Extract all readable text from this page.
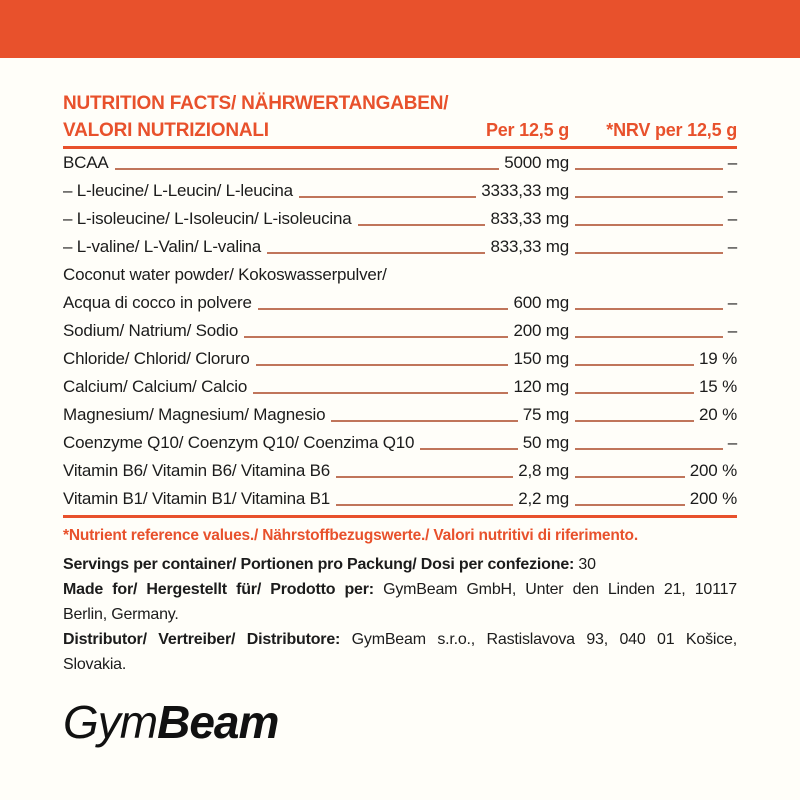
NUTRITION FACTS/ NÄHRWERTANGABEN/
VALORI NUTRIZIONALI	Per 12,5 g	*NRV per 12,5 g
BCAA	5000 mg	–
– L-leucine/ L-Leucin/ L-leucina	3333,33 mg	–
– L-isoleucine/ L-Isoleucin/ L-isoleucina	833,33 mg	–
– L-valine/ L-Valin/ L-valina	833,33 mg	–
Coconut water powder/ Kokoswasserpulver/
Acqua di cocco in polvere	600 mg	–
Sodium/ Natrium/ Sodio	200 mg	–
Chloride/ Chlorid/ Cloruro	150 mg	19 %
Calcium/ Calcium/ Calcio	120 mg	15 %
Magnesium/ Magnesium/ Magnesio	75 mg	20 %
Coenzyme Q10/ Coenzym Q10/ Coenzima Q10	50 mg	–
Vitamin B6/ Vitamin B6/ Vitamina B6	2,8 mg	200 %
Vitamin B1/ Vitamin B1/ Vitamina B1	2,2 mg	200 %
*Nutrient reference values./ Nährstoffbezugswerte./ Valori nutritivi di riferimento.
Servings per container/ Portionen pro Packung/ Dosi per confezione: 30
Made for/ Hergestellt für/ Prodotto per: GymBeam GmbH, Unter den Linden 21, 10117
Berlin, Germany.
Distributor/ Vertreiber/ Distributore: GymBeam s.r.o., Rastislavova 93, 040 01 Košice,
Slovakia.
GymBeam
